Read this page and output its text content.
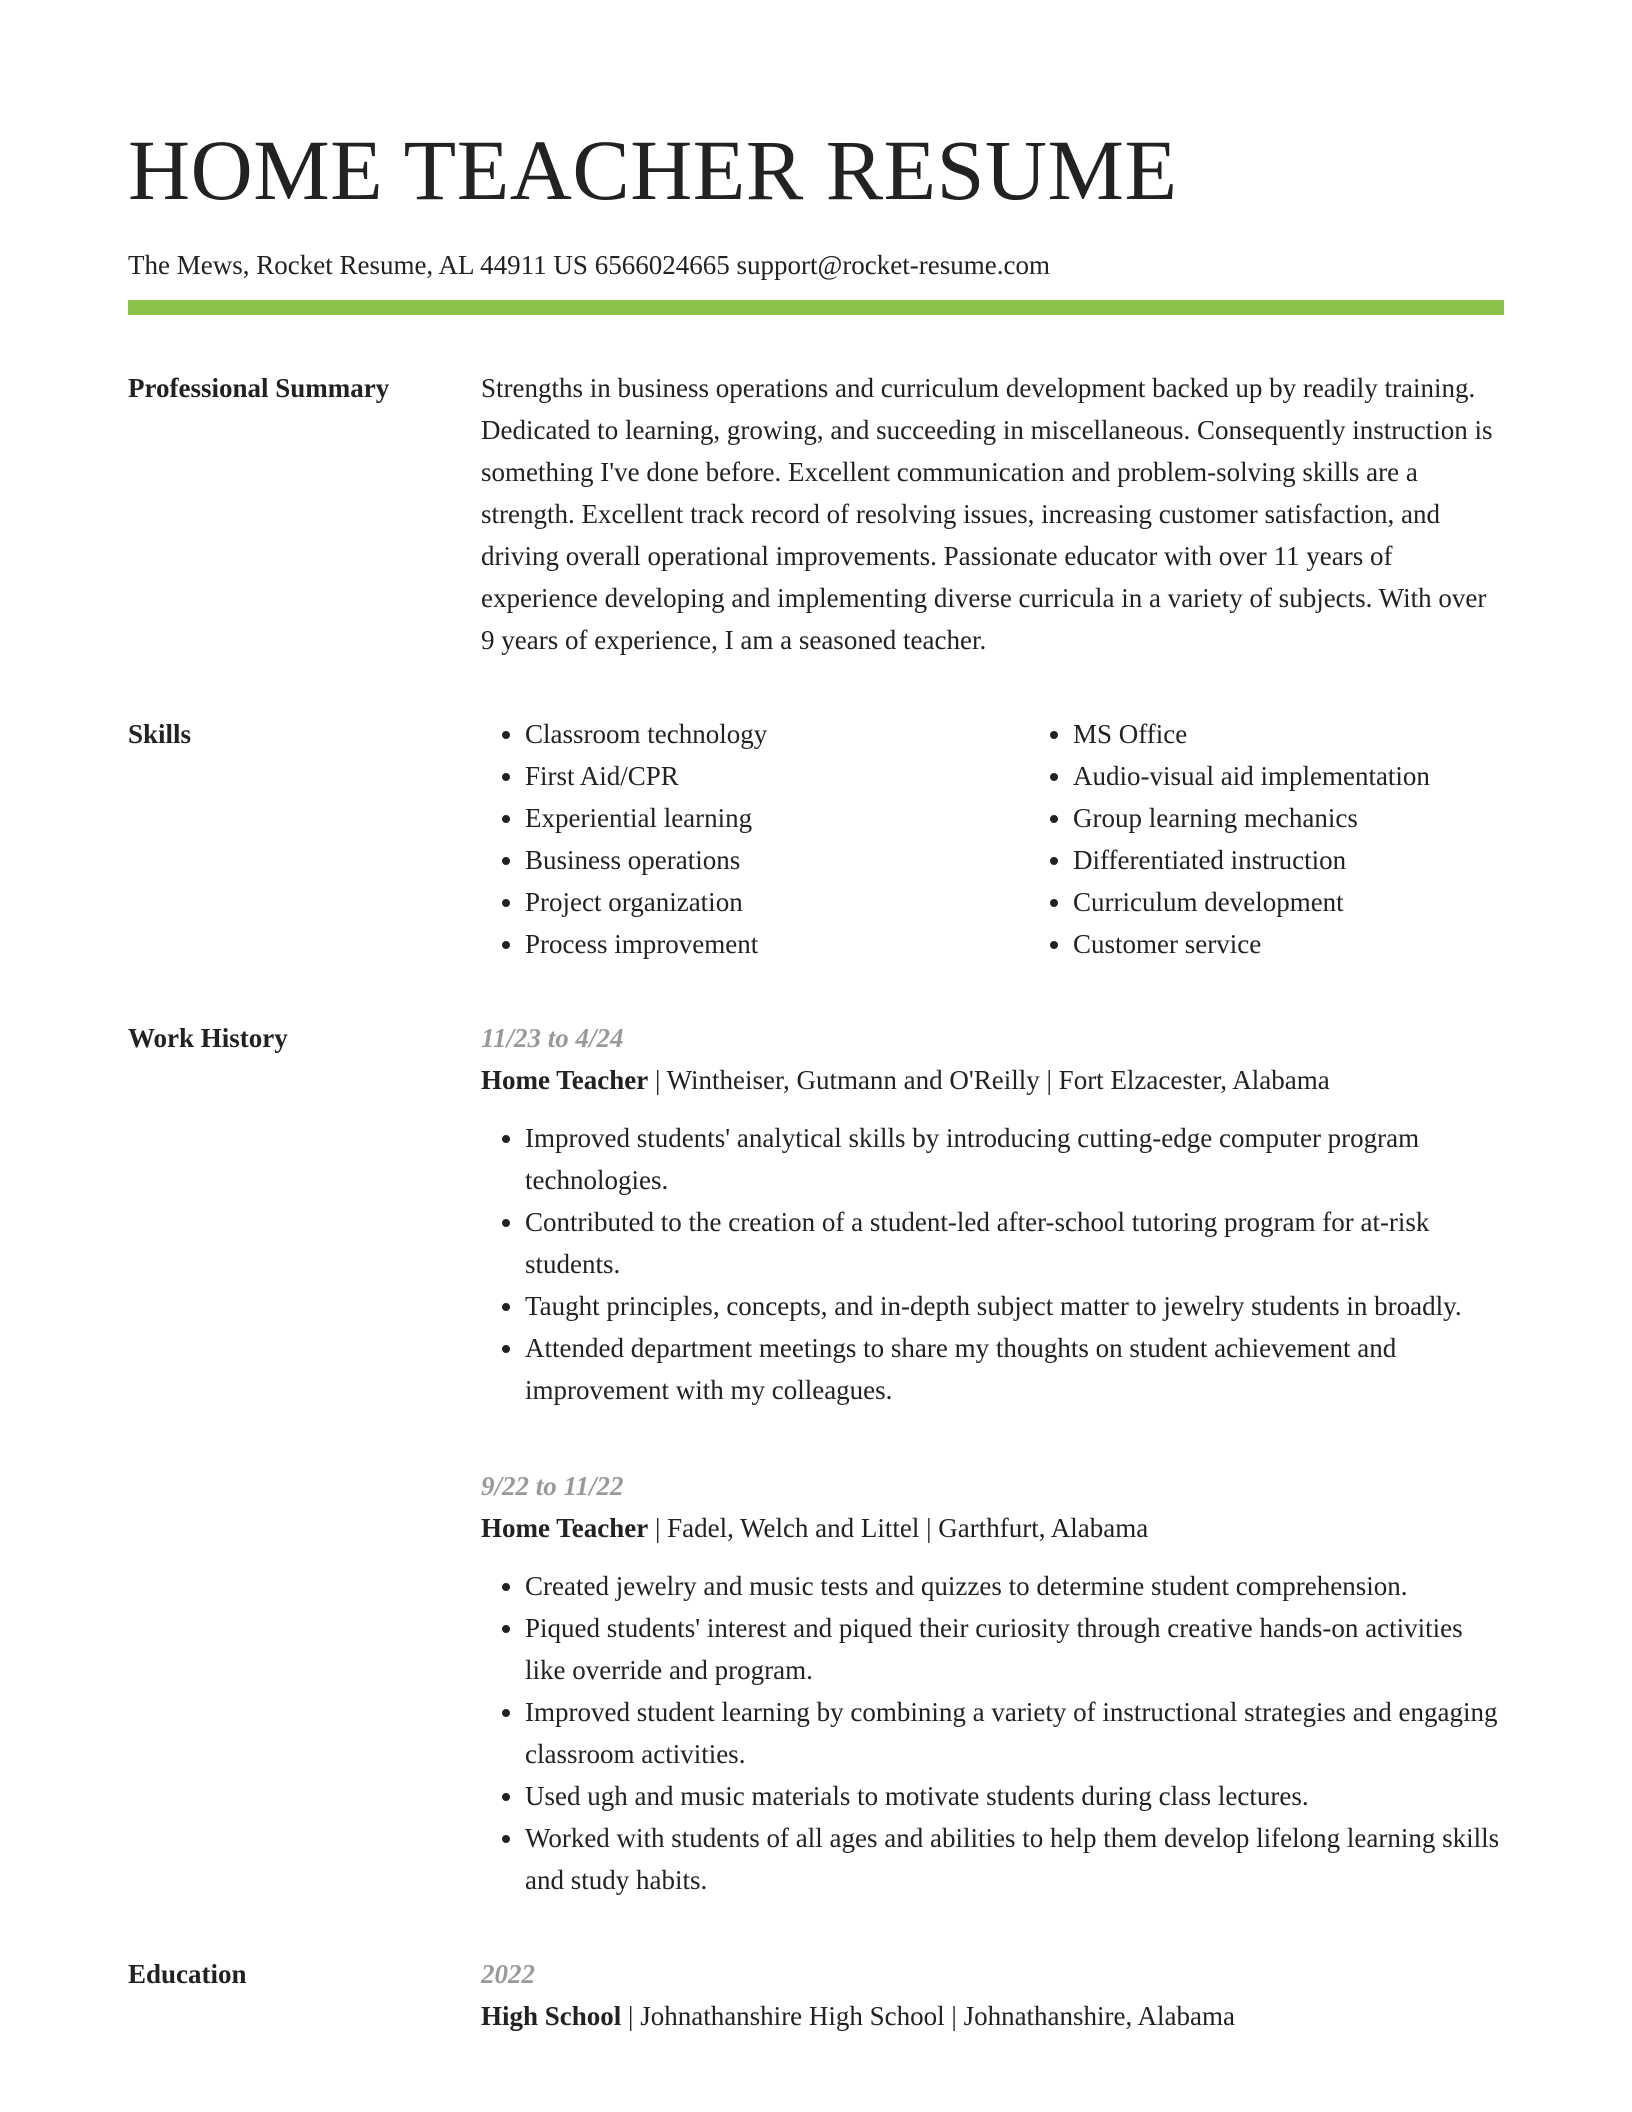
HOME TEACHER RESUME
The Mews, Rocket Resume, AL 44911 US 6566024665 support@rocket-resume.com
Professional Summary	Strengths in business operations and curriculum development backed up by readily training. Dedicated to learning, growing, and succeeding in miscellaneous. Consequently instruction is something I've done before. Excellent communication and problem-solving skills are a strength. Excellent track record of resolving issues, increasing customer satisfaction, and driving overall operational improvements. Passionate educator with over 11 years of experience developing and implementing diverse curricula in a variety of subjects. With over 9 years of experience, I am a seasoned teacher.

Skills
•	Classroom technology
• First Aid/CPR
• Experiential learning
• Business operations
• Project organization
• Process improvement
• MS Office
• Audio-visual aid implementation
• Group learning mechanics
• Differentiated instruction
• Curriculum development
• Customer service
Work History	11/23 to 4/24
Home Teacher | Wintheiser, Gutmann and O'Reilly | Fort Elzacester, Alabama
• Improved students' analytical skills by introducing cutting-edge computer program technologies.
• Contributed to the creation of a student-led after-school tutoring program for at-risk students.
• Taught principles, concepts, and in-depth subject matter to jewelry students in broadly.
• Attended department meetings to share my thoughts on student achievement and improvement with my colleagues.
9/22 to 11/22
Home Teacher | Fadel, Welch and Littel | Garthfurt, Alabama
• Created jewelry and music tests and quizzes to determine student comprehension.
• Piqued students' interest and piqued their curiosity through creative hands-on activities like override and program.
• Improved student learning by combining a variety of instructional strategies and engaging classroom activities.
• Used ugh and music materials to motivate students during class lectures.
• Worked with students of all ages and abilities to help them develop lifelong learning skills and study habits.
Education	2022
High School | Johnathanshire High School | Johnathanshire, Alabama
